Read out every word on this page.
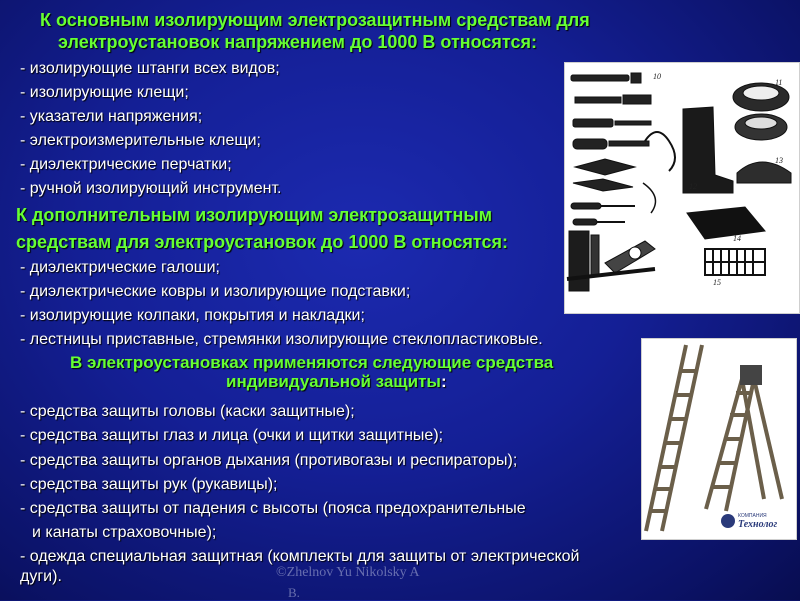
К основным изолирующим электрозащитным средствам для
электроустановок напряжением до 1000 В относятся:
- изолирующие штанги всех видов;
- изолирующие клещи;
- указатели напряжения;
- электроизмерительные клещи;
- диэлектрические перчатки;
- ручной изолирующий инструмент.
К дополнительным изолирующим электрозащитным
средствам для электроустановок до 1000 В относятся:
- диэлектрические галоши;
- диэлектрические ковры и изолирующие подставки;
- изолирующие колпаки, покрытия и накладки;
- лестницы приставные, стремянки изолирующие стеклопластиковые.
В электроустановках применяются следующие средства
индивидуальной защиты:
- средства защиты головы (каски защитные);
- средства защиты глаз и лица (очки и щитки защитные);
- средства защиты органов дыхания (противогазы и респираторы);
- средства защиты рук (рукавицы);
- средства защиты от падения с высоты (пояса предохранительные
и канаты страховочные);
- одежда специальная защитная (комплекты для защиты от электрической
дуги).
10
11
12
13
14
15
КОМПАНИЯ
Технолог
©Zhelnov Yu Nikolsky A
B.
